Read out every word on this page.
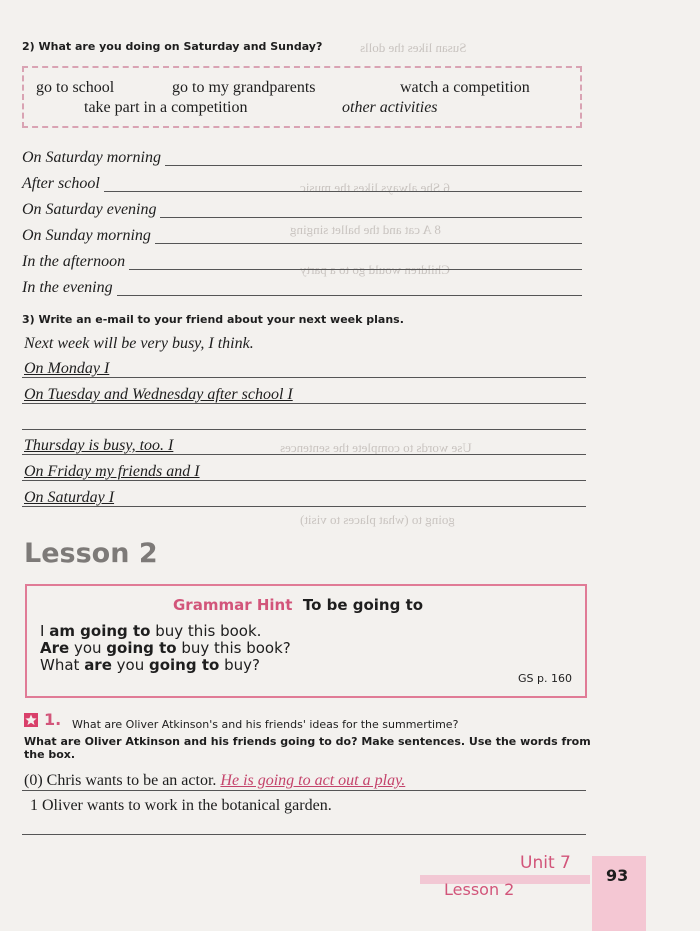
Susan likes the dolls
6 She always likes the music
8 A cat and the ballet singing
Children would go to a party
Use words to complete the sentences
going to (what places to visit)
2) What are you doing on Saturday and Sunday?
go to school	go to my grandparents	watch a competition
take part in a competition	other activities
On Saturday morning
After school
On Saturday evening
On Sunday morning
In the afternoon
In the evening
3) Write an e-mail to your friend about your next week plans.
Next week will be very busy, I think.
On Monday I
On Tuesday and Wednesday after school I
Thursday is busy, too. I
On Friday my friends and I
On Saturday I
Lesson 2
Grammar Hint To be going to
I am going to buy this book.
Are you going to buy this book?
What are you going to buy?
GS p. 160
1. What are Oliver Atkinson's and his friends' ideas for the summertime?
What are Oliver Atkinson and his friends going to do? Make sentences. Use the words from the box.
(0) Chris wants to be an actor. He is going to act out a play.
1 Oliver wants to work in the botanical garden.
Unit 7
Lesson 2
93
